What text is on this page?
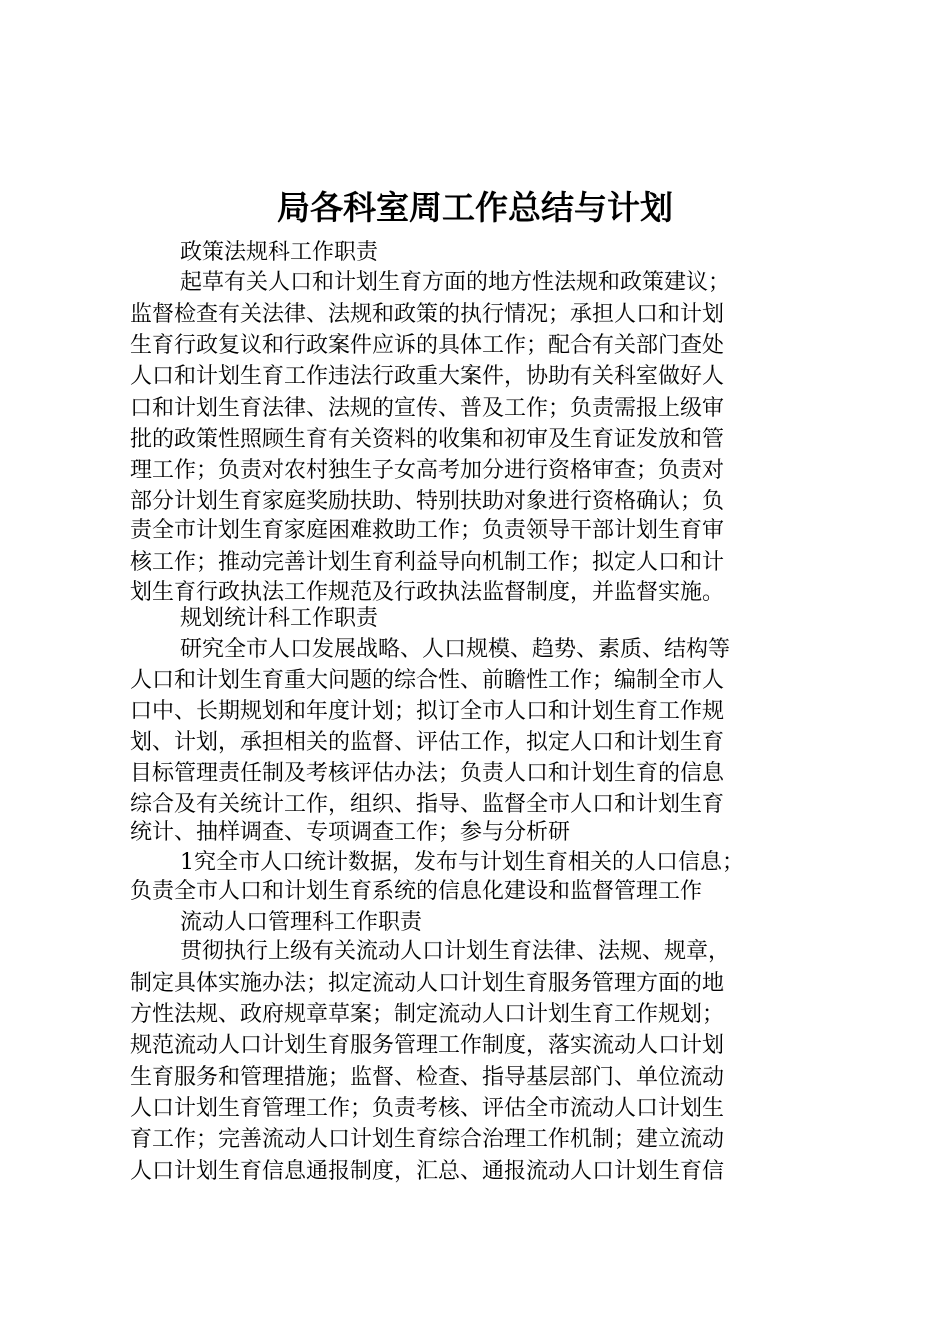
局各科室周工作总结与计划
政策法规科工作职责
起草有关人口和计划生育方面的地方性法规和政策建议；
监督检查有关法律、法规和政策的执行情况；承担人口和计划
生育行政复议和行政案件应诉的具体工作；配合有关部门查处
人口和计划生育工作违法行政重大案件，协助有关科室做好人
口和计划生育法律、法规的宣传、普及工作；负责需报上级审
批的政策性照顾生育有关资料的收集和初审及生育证发放和管
理工作；负责对农村独生子女高考加分进行资格审查；负责对
部分计划生育家庭奖励扶助、特别扶助对象进行资格确认；负
责全市计划生育家庭困难救助工作；负责领导干部计划生育审
核工作；推动完善计划生育利益导向机制工作；拟定人口和计
划生育行政执法工作规范及行政执法监督制度，并监督实施。
规划统计科工作职责
研究全市人口发展战略、人口规模、趋势、素质、结构等
人口和计划生育重大问题的综合性、前瞻性工作；编制全市人
口中、长期规划和年度计划；拟订全市人口和计划生育工作规
划、计划，承担相关的监督、评估工作，拟定人口和计划生育
目标管理责任制及考核评估办法；负责人口和计划生育的信息
综合及有关统计工作，组织、指导、监督全市人口和计划生育
统计、抽样调查、专项调查工作；参与分析研
1究全市人口统计数据，发布与计划生育相关的人口信息；
负责全市人口和计划生育系统的信息化建设和监督管理工作
流动人口管理科工作职责
贯彻执行上级有关流动人口计划生育法律、法规、规章，
制定具体实施办法；拟定流动人口计划生育服务管理方面的地
方性法规、政府规章草案；制定流动人口计划生育工作规划；
规范流动人口计划生育服务管理工作制度，落实流动人口计划
生育服务和管理措施；监督、检查、指导基层部门、单位流动
人口计划生育管理工作；负责考核、评估全市流动人口计划生
育工作；完善流动人口计划生育综合治理工作机制；建立流动
人口计划生育信息通报制度，汇总、通报流动人口计划生育信
